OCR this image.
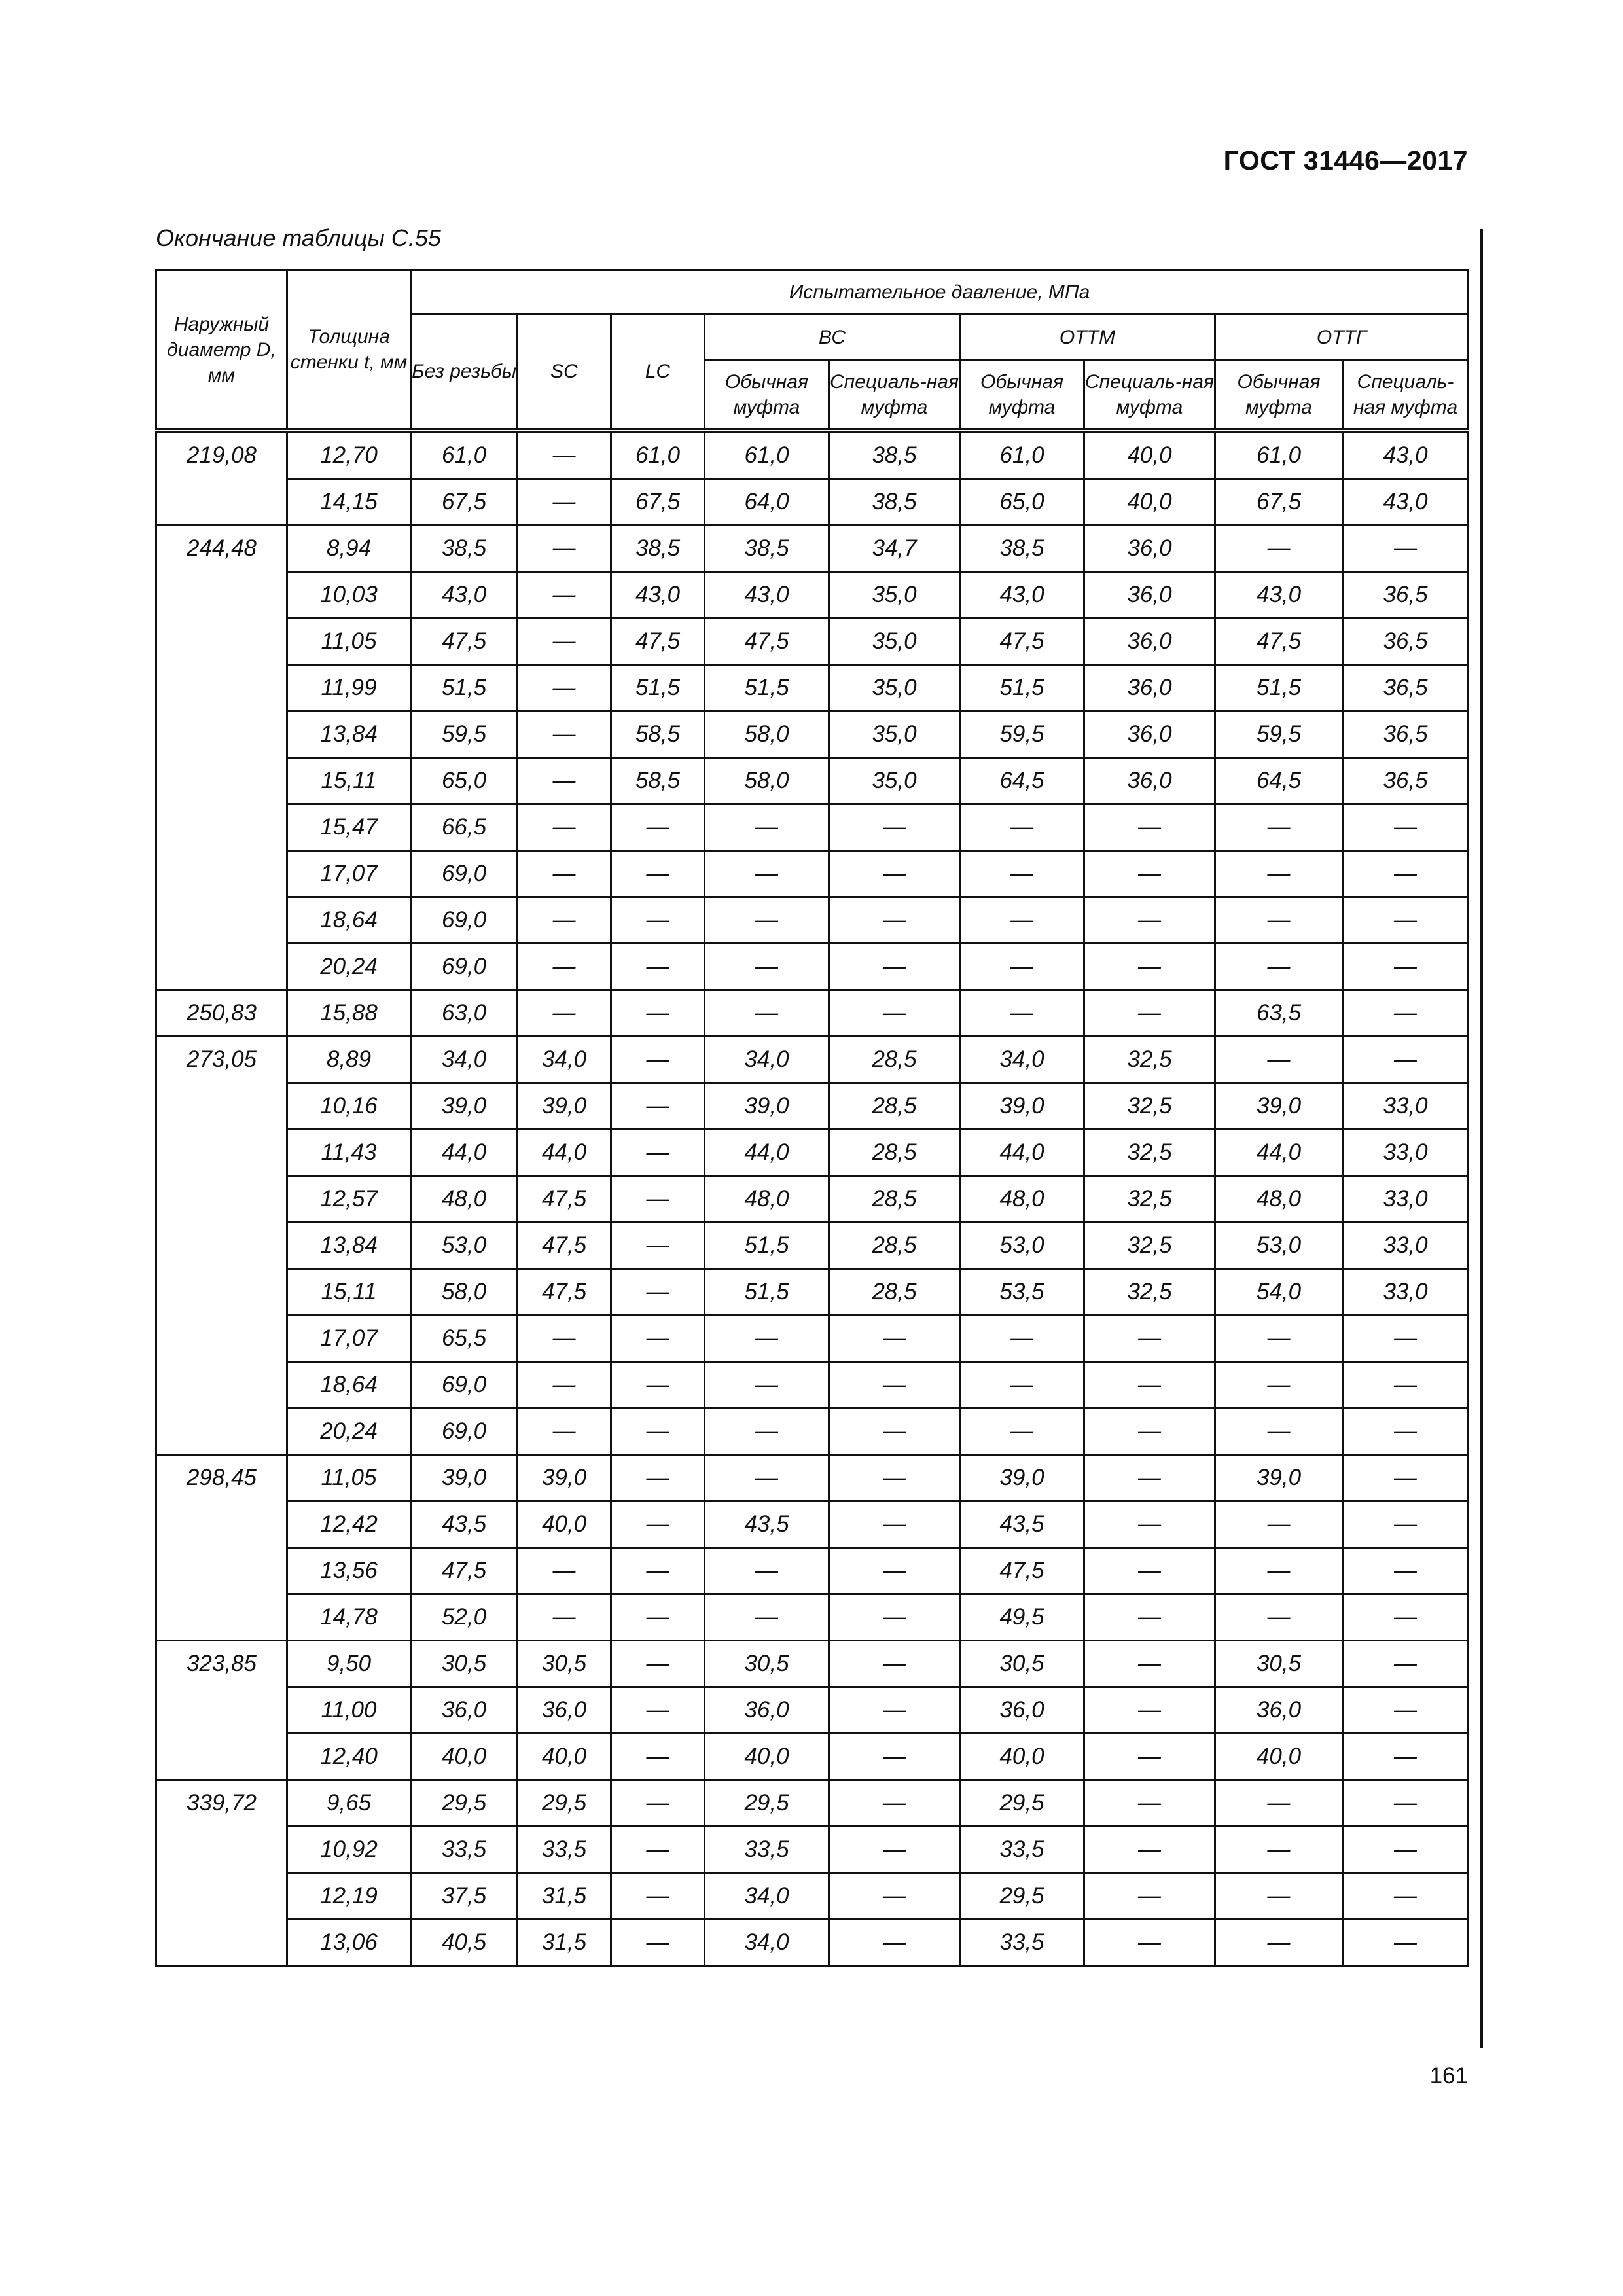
ГОСТ 31446—2017
Окончание таблицы С.55
Наружный диаметр D, мм	Толщина стенки t, мм	Испытательное давление, МПа								
		Без резьбы	SC	LC	ВС		ОТТМ		ОТТГ	
					Обычная муфта	Специаль-ная муфта	Обычная муфта	Специаль-ная муфта	Обычная муфта	Специаль-ная муфта
219,08	12,70	61,0	—	61,0	61,0	38,5	61,0	40,0	61,0	43,0
	14,15	67,5	—	67,5	64,0	38,5	65,0	40,0	67,5	43,0
244,48	8,94	38,5	—	38,5	38,5	34,7	38,5	36,0	—	—
	10,03	43,0	—	43,0	43,0	35,0	43,0	36,0	43,0	36,5
	11,05	47,5	—	47,5	47,5	35,0	47,5	36,0	47,5	36,5
	11,99	51,5	—	51,5	51,5	35,0	51,5	36,0	51,5	36,5
	13,84	59,5	—	58,5	58,0	35,0	59,5	36,0	59,5	36,5
	15,11	65,0	—	58,5	58,0	35,0	64,5	36,0	64,5	36,5
	15,47	66,5	—	—	—	—	—	—	—	—
	17,07	69,0	—	—	—	—	—	—	—	—
	18,64	69,0	—	—	—	—	—	—	—	—
	20,24	69,0	—	—	—	—	—	—	—	—
250,83	15,88	63,0	—	—	—	—	—	—	63,5	—
273,05	8,89	34,0	34,0	—	34,0	28,5	34,0	32,5	—	—
	10,16	39,0	39,0	—	39,0	28,5	39,0	32,5	39,0	33,0
	11,43	44,0	44,0	—	44,0	28,5	44,0	32,5	44,0	33,0
	12,57	48,0	47,5	—	48,0	28,5	48,0	32,5	48,0	33,0
	13,84	53,0	47,5	—	51,5	28,5	53,0	32,5	53,0	33,0
	15,11	58,0	47,5	—	51,5	28,5	53,5	32,5	54,0	33,0
	17,07	65,5	—	—	—	—	—	—	—	—
	18,64	69,0	—	—	—	—	—	—	—	—
	20,24	69,0	—	—	—	—	—	—	—	—
298,45	11,05	39,0	39,0	—	—	—	39,0	—	39,0	—
	12,42	43,5	40,0	—	43,5	—	43,5	—	—	—
	13,56	47,5	—	—	—	—	47,5	—	—	—
	14,78	52,0	—	—	—	—	49,5	—	—	—
323,85	9,50	30,5	30,5	—	30,5	—	30,5	—	30,5	—
	11,00	36,0	36,0	—	36,0	—	36,0	—	36,0	—
	12,40	40,0	40,0	—	40,0	—	40,0	—	40,0	—
339,72	9,65	29,5	29,5	—	29,5	—	29,5	—	—	—
	10,92	33,5	33,5	—	33,5	—	33,5	—	—	—
	12,19	37,5	31,5	—	34,0	—	29,5	—	—	—
	13,06	40,5	31,5	—	34,0	—	33,5	—	—	—
161
